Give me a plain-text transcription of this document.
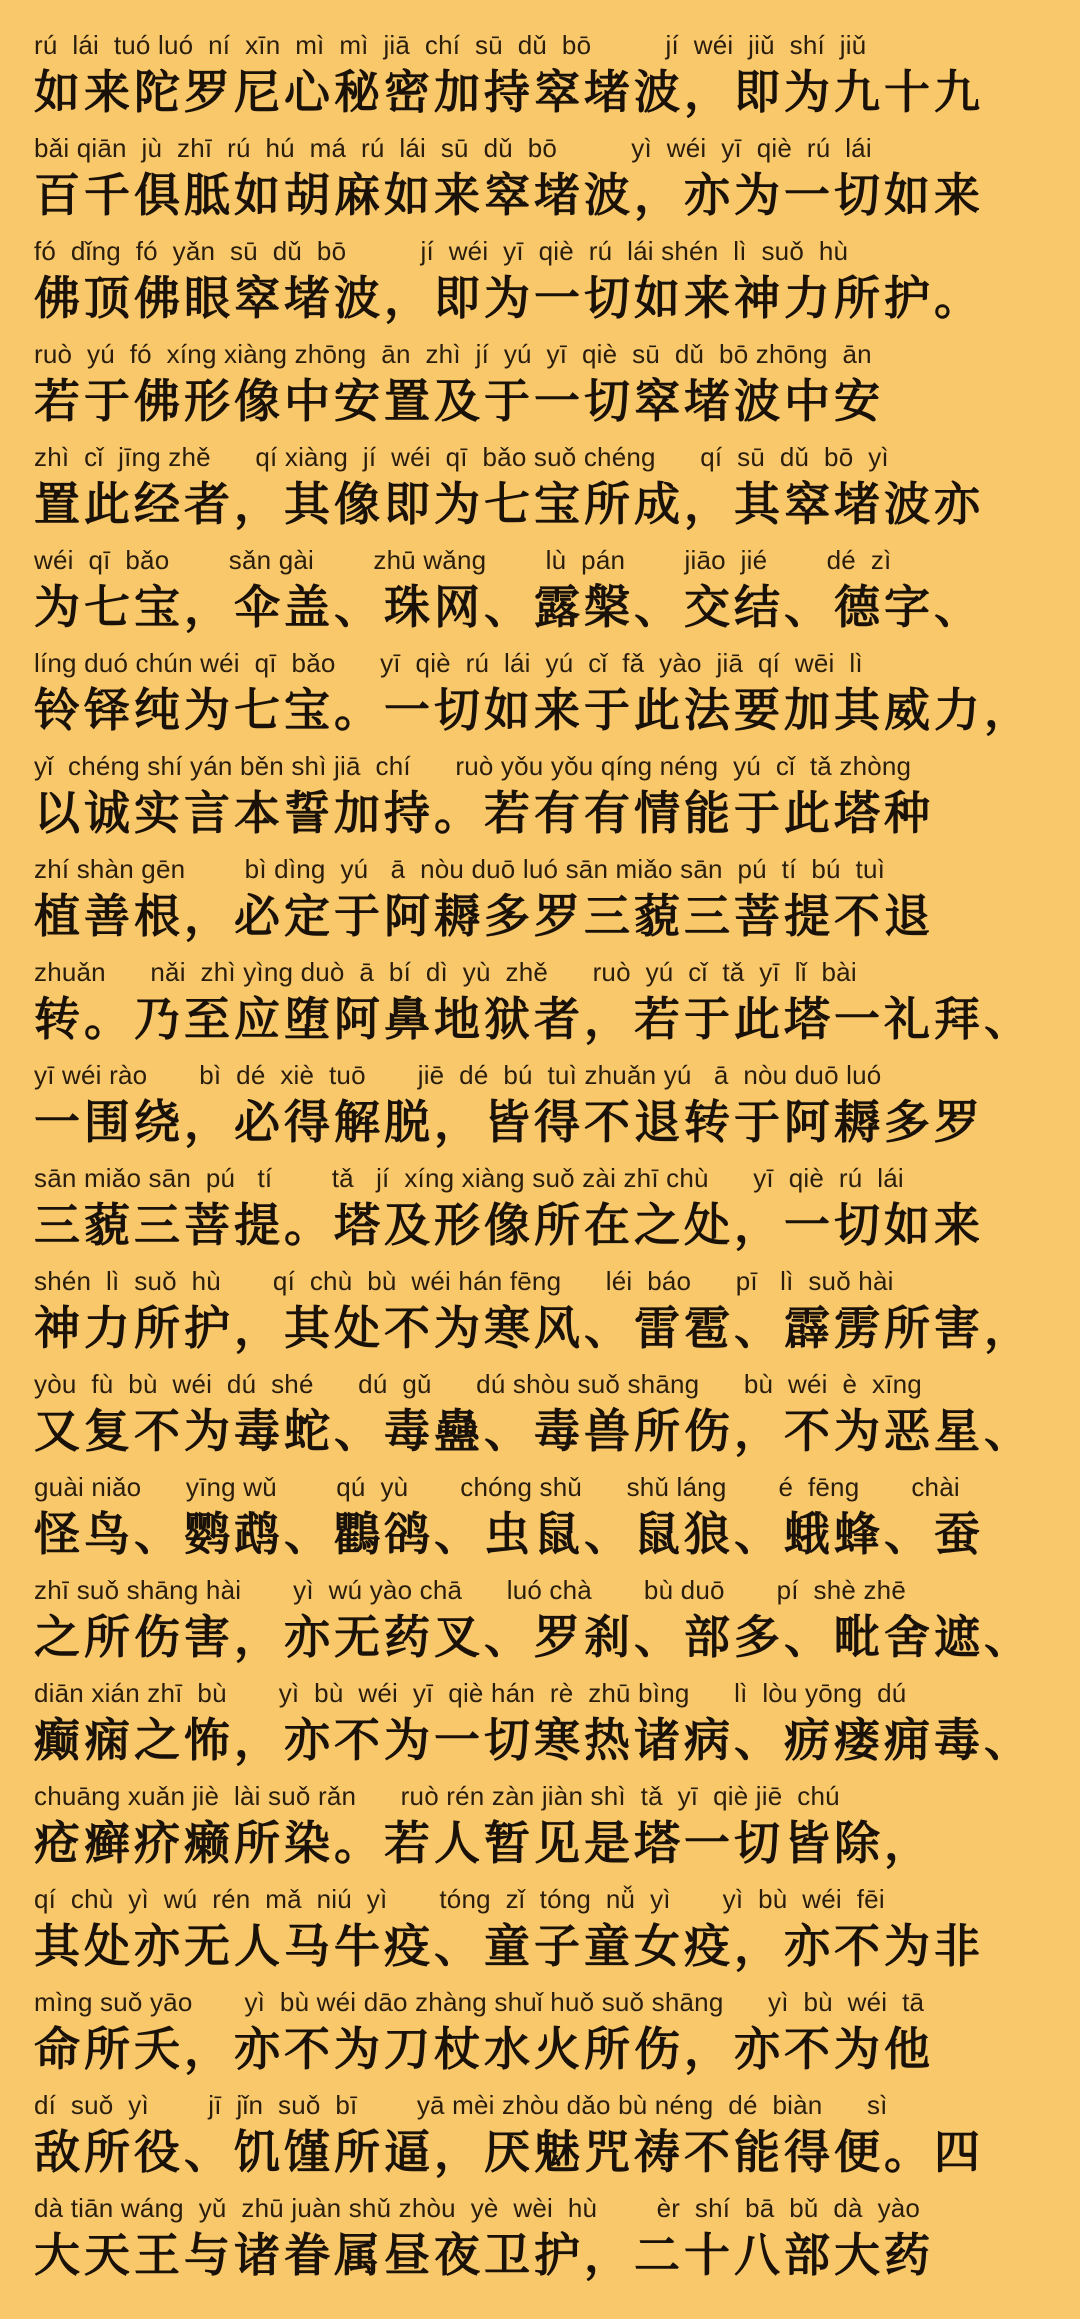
rú  lái  tuó luó  ní  xīn  mì  mì  jiā  chí  sū  dǔ  bō          jí  wéi  jiǔ  shí  jiǔ
如来陀罗尼心秘密加持窣堵波，即为九十九
bǎi qiān  jù  zhī  rú  hú  má  rú  lái  sū  dǔ  bō          yì  wéi  yī  qiè  rú  lái
百千俱胝如胡麻如来窣堵波，亦为一切如来
fó  dǐng  fó  yǎn  sū  dǔ  bō          jí  wéi  yī  qiè  rú  lái shén  lì  suǒ  hù
佛顶佛眼窣堵波，即为一切如来神力所护。
ruò  yú  fó  xíng xiàng zhōng  ān  zhì  jí  yú  yī  qiè  sū  dǔ  bō zhōng  ān
若于佛形像中安置及于一切窣堵波中安
zhì  cǐ  jīng zhě      qí xiàng  jí  wéi  qī  bǎo suǒ chéng      qí  sū  dǔ  bō  yì
置此经者，其像即为七宝所成，其窣堵波亦
wéi  qī  bǎo        sǎn gài        zhū wǎng        lù  pán        jiāo  jié        dé  zì
为七宝，伞盖、珠网、露槃、交结、德字、
líng duó chún wéi  qī  bǎo      yī  qiè  rú  lái  yú  cǐ  fǎ  yào  jiā  qí  wēi  lì
铃铎纯为七宝。一切如来于此法要加其威力，
yǐ  chéng shí yán běn shì jiā  chí      ruò yǒu yǒu qíng néng  yú  cǐ  tǎ zhòng
以诚实言本誓加持。若有有情能于此塔种
zhí shàn gēn        bì dìng  yú   ā  nòu duō luó sān miǎo sān  pú  tí  bú  tuì
植善根，必定于阿耨多罗三藐三菩提不退
zhuǎn      nǎi  zhì yìng duò  ā  bí  dì  yù  zhě      ruò  yú  cǐ  tǎ  yī  lǐ  bài
转。乃至应堕阿鼻地狱者，若于此塔一礼拜、
yī wéi rào       bì  dé  xiè  tuō       jiē  dé  bú  tuì zhuǎn yú   ā  nòu duō luó
一围绕，必得解脱，皆得不退转于阿耨多罗
sān miǎo sān  pú   tí        tǎ   jí  xíng xiàng suǒ zài zhī chù      yī  qiè  rú  lái
三藐三菩提。塔及形像所在之处，一切如来
shén  lì  suǒ  hù       qí  chù  bù  wéi hán fēng      léi  báo      pī   lì  suǒ hài
神力所护，其处不为寒风、雷雹、霹雳所害，
yòu  fù  bù  wéi  dú  shé      dú  gǔ      dú shòu suǒ shāng      bù  wéi  è  xīng
又复不为毒蛇、毒蠱、毒兽所伤，不为恶星、
guài niǎo      yīng wǔ        qú  yù       chóng shǔ      shǔ láng       é  fēng       chài
怪鸟、鹦鹉、鸜鹆、虫鼠、鼠狼、蛾蜂、蚕
zhī suǒ shāng hài       yì  wú yào chā      luó chà       bù duō       pí  shè zhē
之所伤害，亦无药叉、罗刹、部多、毗舍遮、
diān xián zhī  bù       yì  bù  wéi  yī  qiè hán  rè  zhū bìng      lì  lòu yōng  dú
癫痫之怖，亦不为一切寒热诸病、疬瘘痈毒、
chuāng xuǎn jiè  lài suǒ rǎn      ruò rén zàn jiàn shì  tǎ  yī  qiè jiē  chú
疮癣疥癞所染。若人暂见是塔一切皆除，
qí  chù  yì  wú  rén  mǎ  niú  yì       tóng  zǐ  tóng  nǚ  yì       yì  bù  wéi  fēi
其处亦无人马牛疫、童子童女疫，亦不为非
mìng suǒ yāo       yì  bù wéi dāo zhàng shuǐ huǒ suǒ shāng      yì  bù  wéi  tā
命所夭，亦不为刀杖水火所伤，亦不为他
dí  suǒ  yì        jī  jǐn  suǒ  bī        yā mèi zhòu dǎo bù néng  dé  biàn      sì
敌所役、饥馑所逼，厌魅咒祷不能得便。四
dà tiān wáng  yǔ  zhū juàn shǔ zhòu  yè  wèi  hù        èr  shí  bā  bǔ  dà  yào
大天王与诸眷属昼夜卫护，二十八部大药
